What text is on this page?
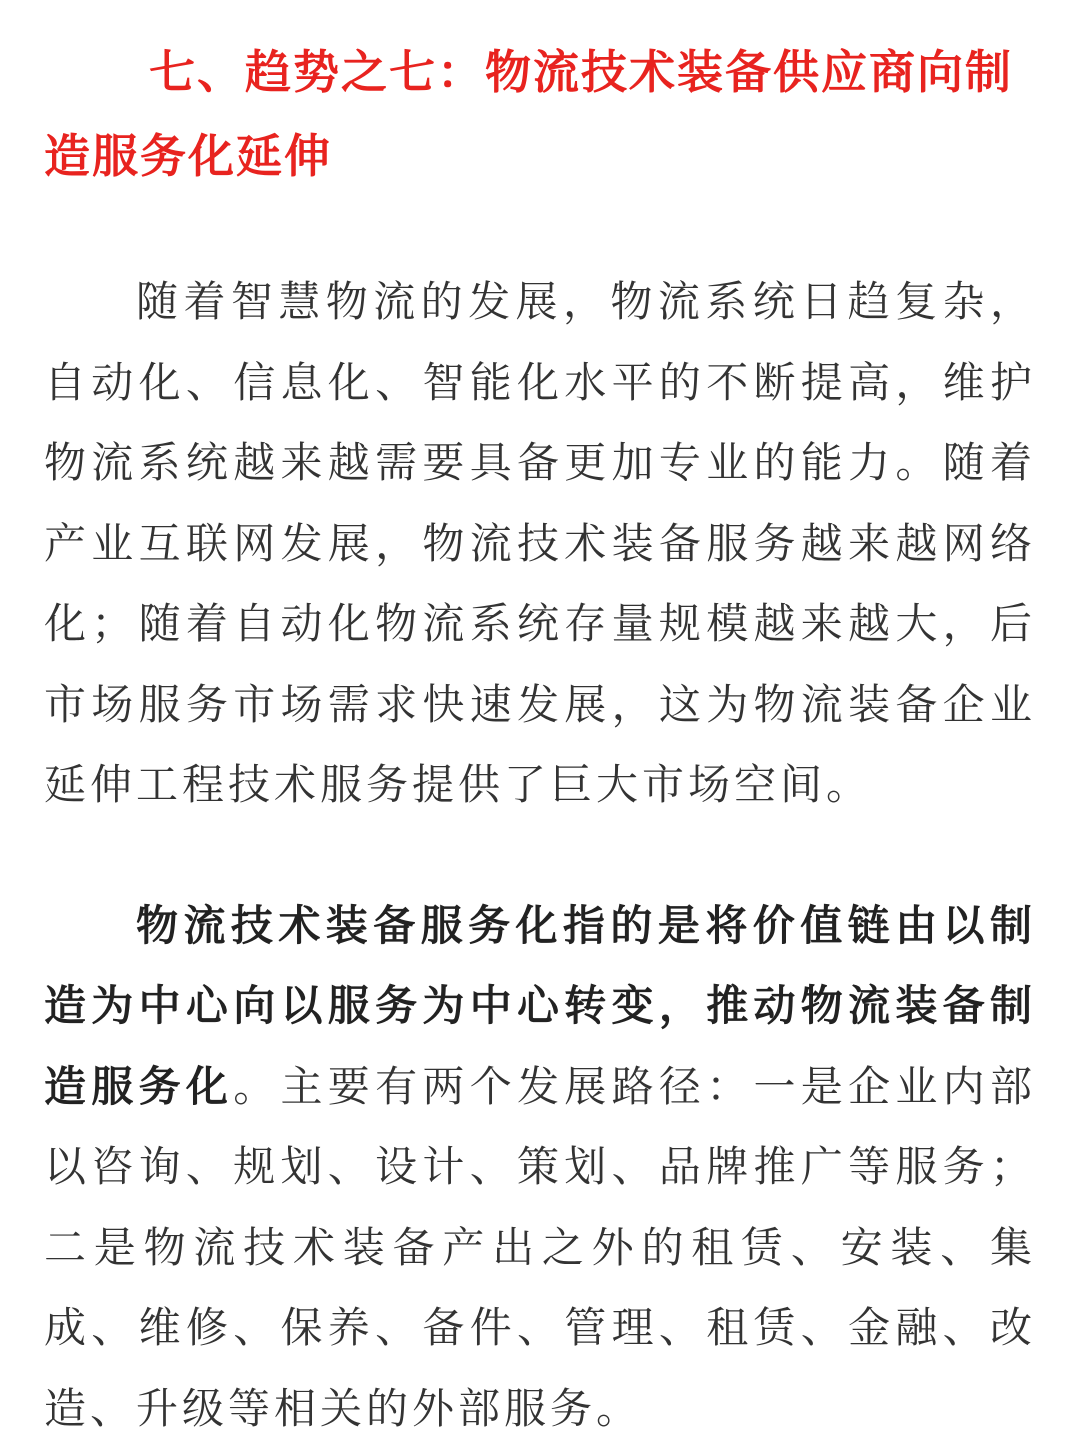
七、趋势之七：物流技术装备供应商向制造服务化延伸

随着智慧物流的发展，物流系统日趋复杂，自动化、信息化、智能化水平的不断提高，维护物流系统越来越需要具备更加专业的能力。随着产业互联网发展，物流技术装备服务越来越网络化；随着自动化物流系统存量规模越来越大，后市场服务市场需求快速发展，这为物流装备企业延伸工程技术服务提供了巨大市场空间。

物流技术装备服务化指的是将价值链由以制造为中心向以服务为中心转变，推动物流装备制造服务化。主要有两个发展路径：一是企业内部以咨询、规划、设计、策划、品牌推广等服务；二是物流技术装备产出之外的租赁、安装、集成、维修、保养、备件、管理、租赁、金融、改造、升级等相关的外部服务。
